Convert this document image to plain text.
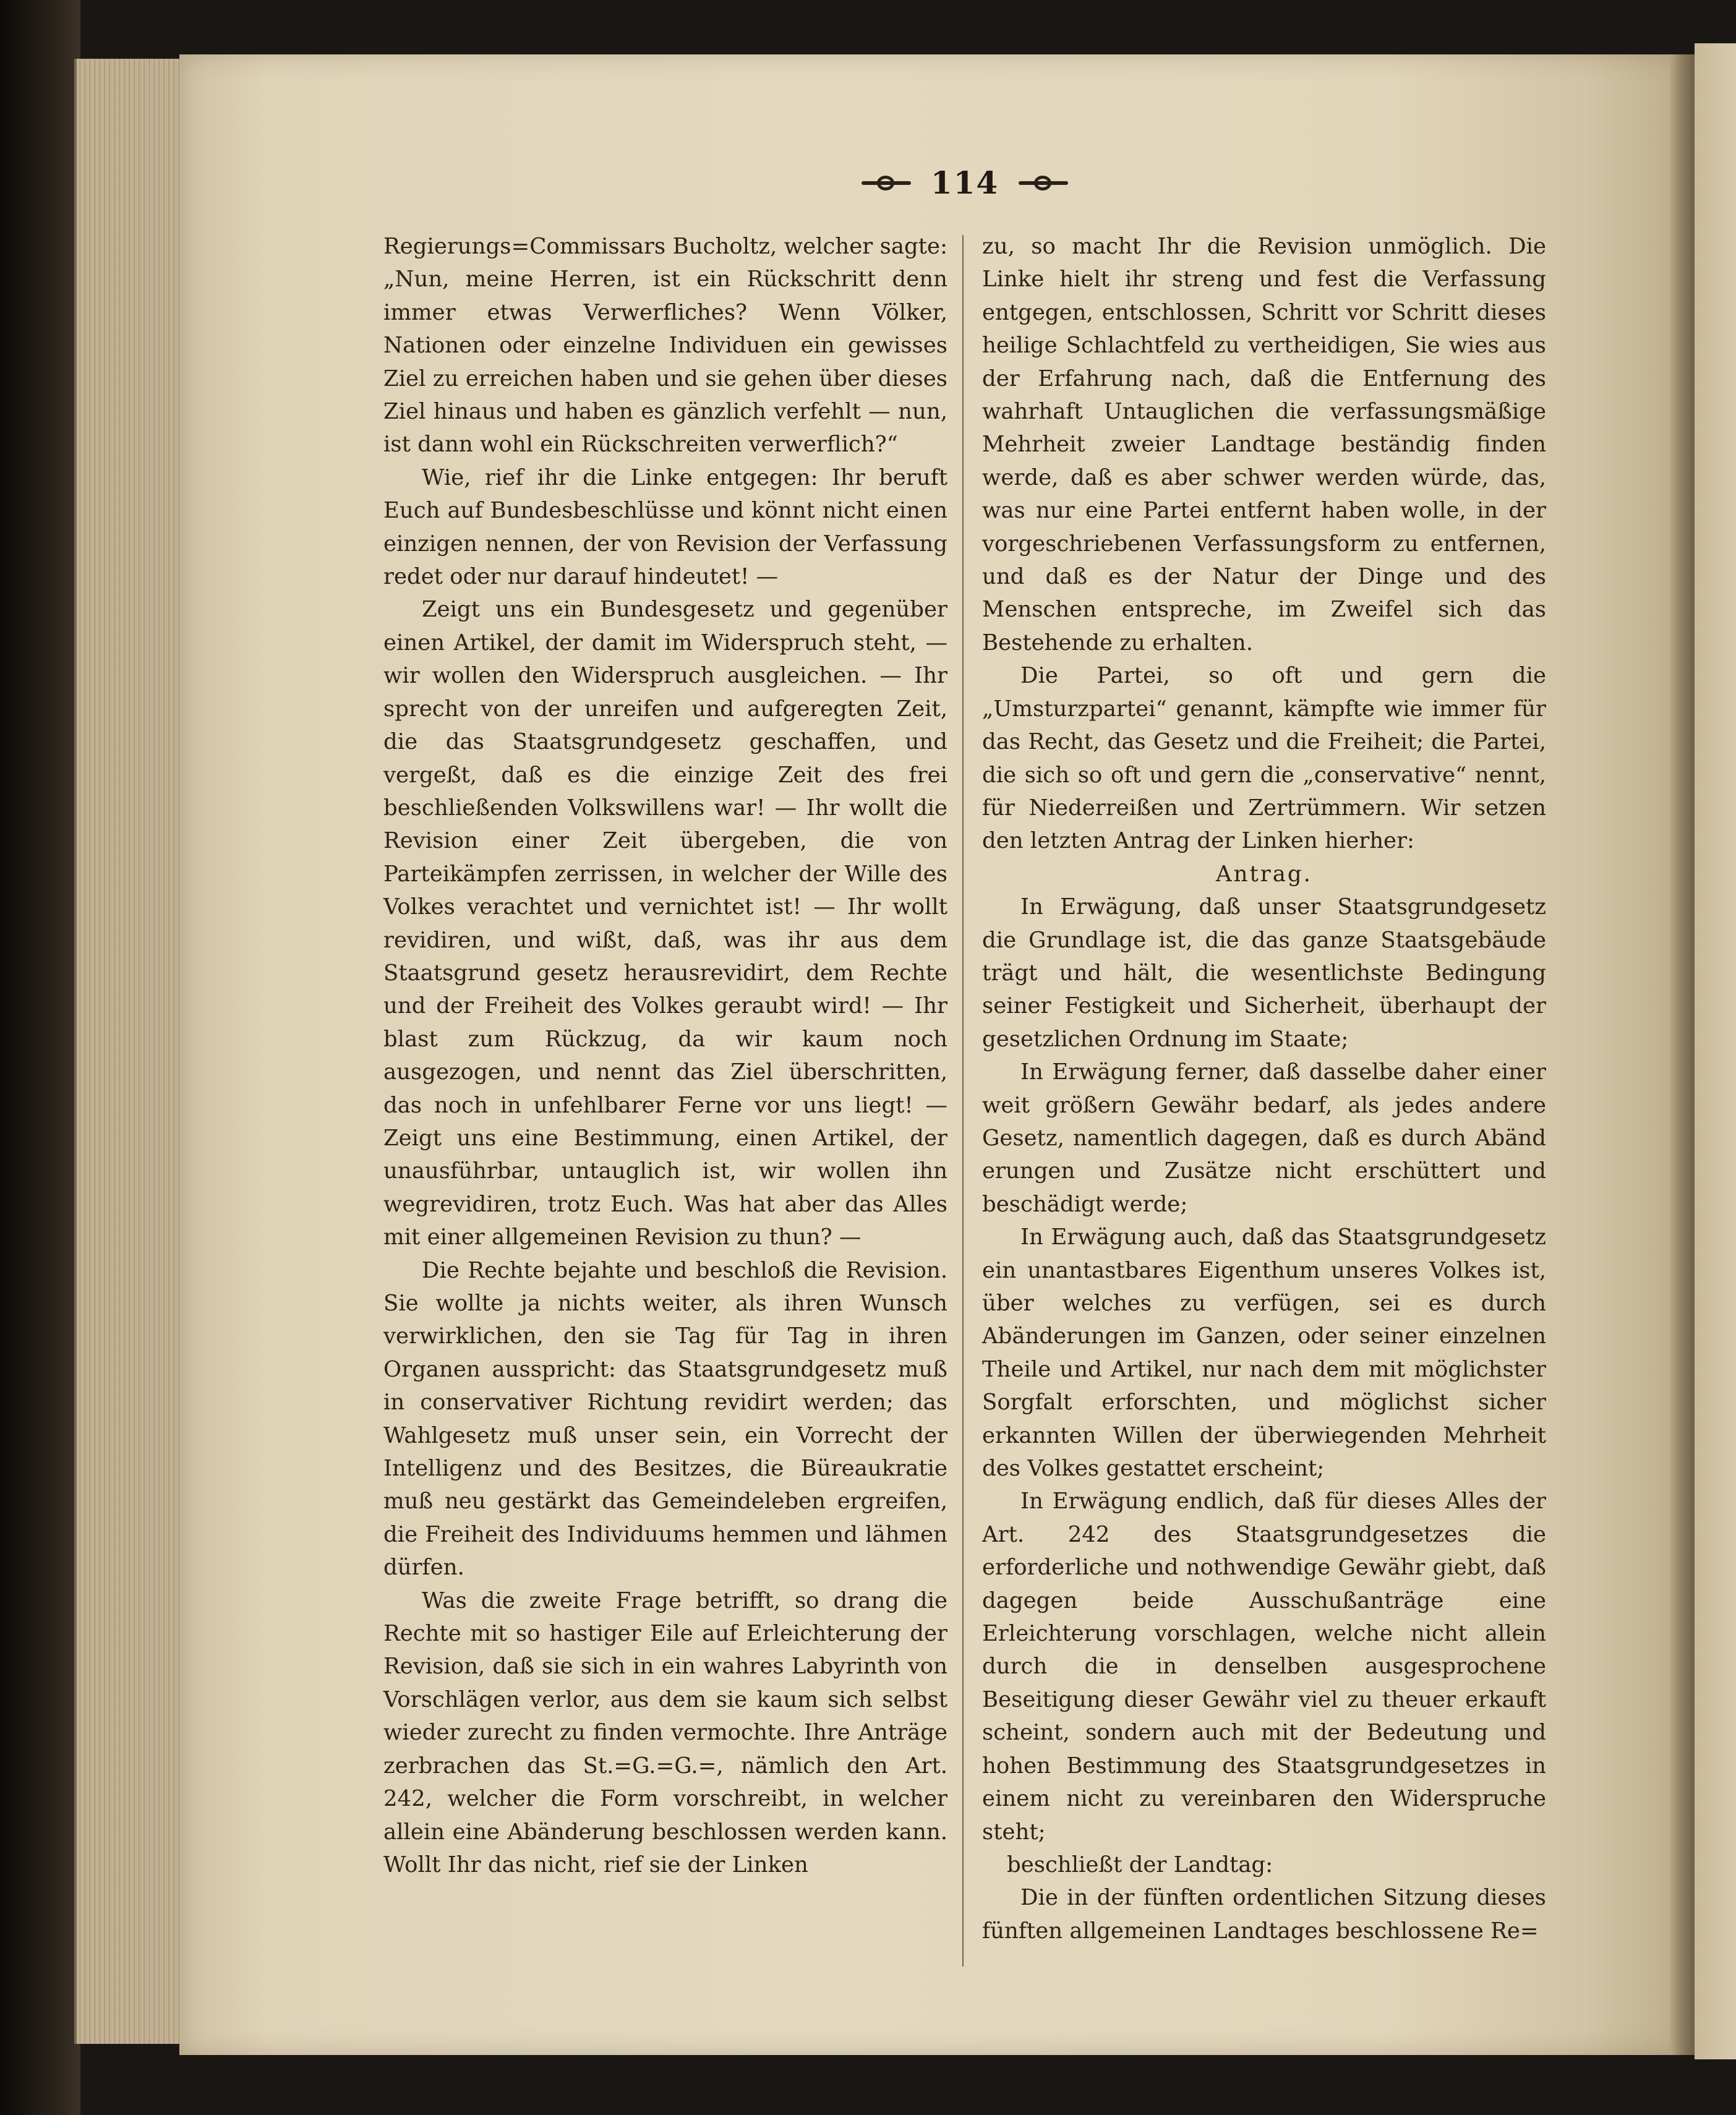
114

Regierungs=Commissars Bucholtz, welcher sagte: „Nun, meine Herren, ist ein Rückschritt denn immer etwas Verwerfliches? Wenn Völker, Nationen oder einzelne Individuen ein gewisses Ziel zu erreichen haben und sie gehen über dieses Ziel hinaus und haben es gänzlich verfehlt — nun, ist dann wohl ein Rückschreiten verwerflich?“

Wie, rief ihr die Linke entgegen: Ihr beruft Euch auf Bundesbeschlüsse und könnt nicht einen einzigen nennen, der von Revision der Verfassung redet oder nur darauf hindeutet! —

Zeigt uns ein Bundesgesetz und gegenüber einen Artikel, der damit im Widerspruch steht, — wir wollen den Widerspruch ausgleichen. — Ihr sprecht von der unreifen und aufgeregten Zeit, die das Staatsgrundgesetz geschaffen, und vergeßt, daß es die einzige Zeit des frei beschließenden Volkswillens war! — Ihr wollt die Revision einer Zeit übergeben, die von Parteikämpfen zerrissen, in welcher der Wille des Volkes verachtet und vernichtet ist! — Ihr wollt revidiren, und wißt, daß, was ihr aus dem Staatsgrund gesetz herausrevidirt, dem Rechte und der Freiheit des Volkes geraubt wird! — Ihr blast zum Rückzug, da wir kaum noch ausgezogen, und nennt das Ziel überschritten, das noch in unfehlbarer Ferne vor uns liegt! — Zeigt uns eine Bestimmung, einen Artikel, der unausführbar, untauglich ist, wir wollen ihn wegrevidiren, trotz Euch. Was hat aber das Alles mit einer allgemeinen Revision zu thun? —

Die Rechte bejahte und beschloß die Revision. Sie wollte ja nichts weiter, als ihren Wunsch verwirklichen, den sie Tag für Tag in ihren Organen ausspricht: das Staatsgrundgesetz muß in conservativer Richtung revidirt werden; das Wahlgesetz muß unser sein, ein Vorrecht der Intelligenz und des Besitzes, die Büreaukratie muß neu gestärkt das Gemeindeleben ergreifen, die Freiheit des Individuums hemmen und lähmen dürfen.

Was die zweite Frage betrifft, so drang die Rechte mit so hastiger Eile auf Erleichterung der Revision, daß sie sich in ein wahres Labyrinth von Vorschlägen verlor, aus dem sie kaum sich selbst wieder zurecht zu finden vermochte. Ihre Anträge zerbrachen das St.=G.=G.=, nämlich den Art. 242, welcher die Form vorschreibt, in welcher allein eine Abänderung beschlossen werden kann. Wollt Ihr das nicht, rief sie der Linken

zu, so macht Ihr die Revision unmöglich. Die Linke hielt ihr streng und fest die Verfassung entgegen, entschlossen, Schritt vor Schritt dieses heilige Schlachtfeld zu vertheidigen, Sie wies aus der Erfahrung nach, daß die Entfernung des wahrhaft Untauglichen die verfassungsmäßige Mehrheit zweier Landtage beständig finden werde, daß es aber schwer werden würde, das, was nur eine Partei entfernt haben wolle, in der vorgeschriebenen Verfassungsform zu entfernen, und daß es der Natur der Dinge und des Menschen entspreche, im Zweifel sich das Bestehende zu erhalten.

Die Partei, so oft und gern die „Umsturzpartei“ genannt, kämpfte wie immer für das Recht, das Gesetz und die Freiheit; die Partei, die sich so oft und gern die „conservative“ nennt, für Niederreißen und Zertrümmern. Wir setzen den letzten Antrag der Linken hierher:

Antrag.

In Erwägung, daß unser Staatsgrundgesetz die Grundlage ist, die das ganze Staatsgebäude trägt und hält, die wesentlichste Bedingung seiner Festigkeit und Sicherheit, überhaupt der gesetzlichen Ordnung im Staate;

In Erwägung ferner, daß dasselbe daher einer weit größern Gewähr bedarf, als jedes andere Gesetz, namentlich dagegen, daß es durch Abänd erungen und Zusätze nicht erschüttert und beschädigt werde;

In Erwägung auch, daß das Staatsgrundgesetz ein unantastbares Eigenthum unseres Volkes ist, über welches zu verfügen, sei es durch Abänderungen im Ganzen, oder seiner einzelnen Theile und Artikel, nur nach dem mit möglichster Sorgfalt erforschten, und möglichst sicher erkannten Willen der überwiegenden Mehrheit des Volkes gestattet erscheint;

In Erwägung endlich, daß für dieses Alles der Art. 242 des Staatsgrundgesetzes die erforderliche und nothwendige Gewähr giebt, daß dagegen beide Ausschußanträge eine Erleichterung vorschlagen, welche nicht allein durch die in denselben ausgesprochene Beseitigung dieser Gewähr viel zu theuer erkauft scheint, sondern auch mit der Bedeutung und hohen Bestimmung des Staatsgrundgesetzes in einem nicht zu vereinbaren den Widerspruche steht;

beschließt der Landtag:

Die in der fünften ordentlichen Sitzung dieses fünften allgemeinen Landtages beschlossene Re=
